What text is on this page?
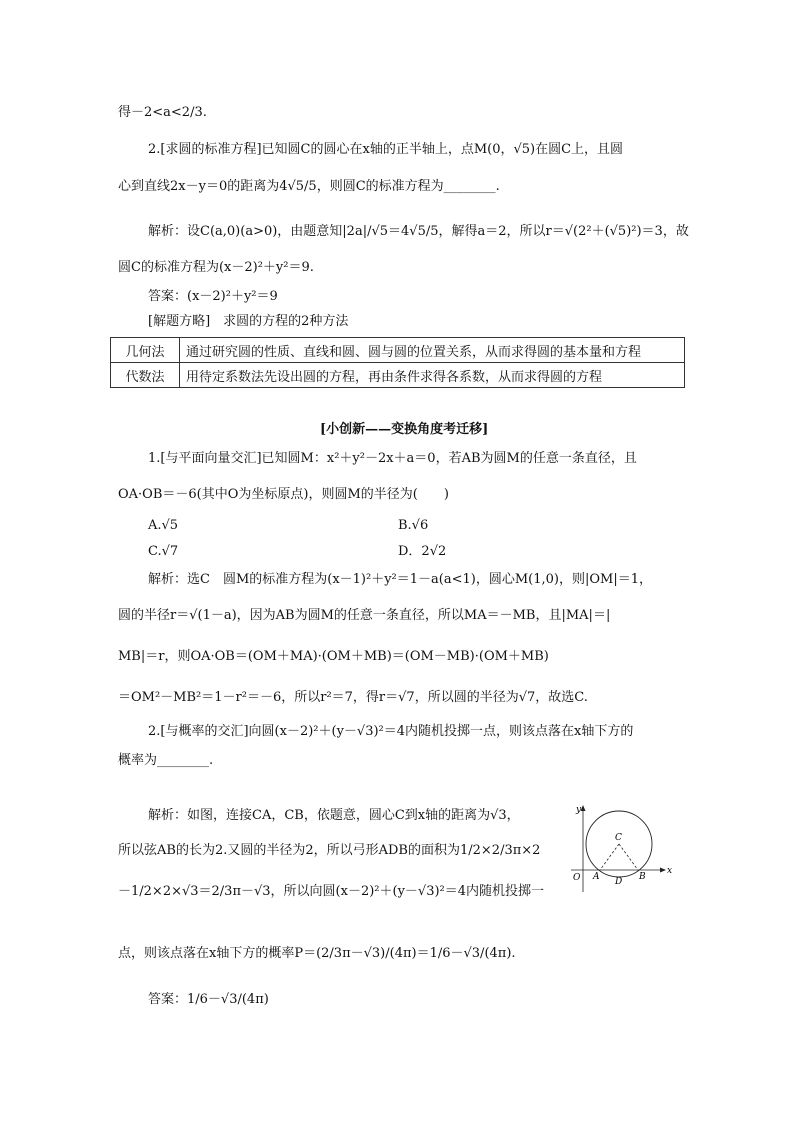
得－2<a<2/3.
2.[求圆的标准方程]已知圆C的圆心在x轴的正半轴上，点M(0，√5)在圆C上，且圆
心到直线2x－y＝0的距离为4√5/5，则圆C的标准方程为________.
解析：设C(a,0)(a>0)，由题意知|2a|/√5＝4√5/5，解得a＝2，所以r＝√(2²＋(√5)²)＝3，故
圆C的标准方程为(x－2)²＋y²＝9.
答案：(x－2)²＋y²＝9
[解题方略]　求圆的方程的2种方法
几何法	通过研究圆的性质、直线和圆、圆与圆的位置关系，从而求得圆的基本量和方程
代数法	用待定系数法先设出圆的方程，再由条件求得各系数，从而求得圆的方程
[小创新——变换角度考迁移]
1.[与平面向量交汇]已知圆M：x²＋y²－2x＋a＝0，若AB为圆M的任意一条直径，且
OA·OB＝－6(其中O为坐标原点)，则圆M的半径为(　　)
A.√5	B.√6
C.√7	D．2√2
解析：选C　圆M的标准方程为(x－1)²＋y²＝1－a(a<1)，圆心M(1,0)，则|OM|＝1，
圆的半径r＝√(1－a)，因为AB为圆M的任意一条直径，所以MA＝－MB，且|MA|＝|
MB|＝r，则OA·OB＝(OM＋MA)·(OM＋MB)＝(OM－MB)·(OM＋MB)
＝OM²－MB²＝1－r²＝－6，所以r²＝7，得r＝√7，所以圆的半径为√7，故选C.
2.[与概率的交汇]向圆(x－2)²＋(y－√3)²＝4内随机投掷一点，则该点落在x轴下方的
概率为________.
解析：如图，连接CA，CB，依题意，圆心C到x轴的距离为√3，
所以弦AB的长为2.又圆的半径为2，所以弓形ADB的面积为1/2×2/3π×2
－1/2×2×√3＝2/3π－√3，所以向圆(x－2)²＋(y－√3)²＝4内随机投掷一
点，则该点落在x轴下方的概率P＝(2/3π－√3)/(4π)＝1/6－√3/(4π).
答案：1/6－√3/(4π)
y
x
O A	B
C
D
